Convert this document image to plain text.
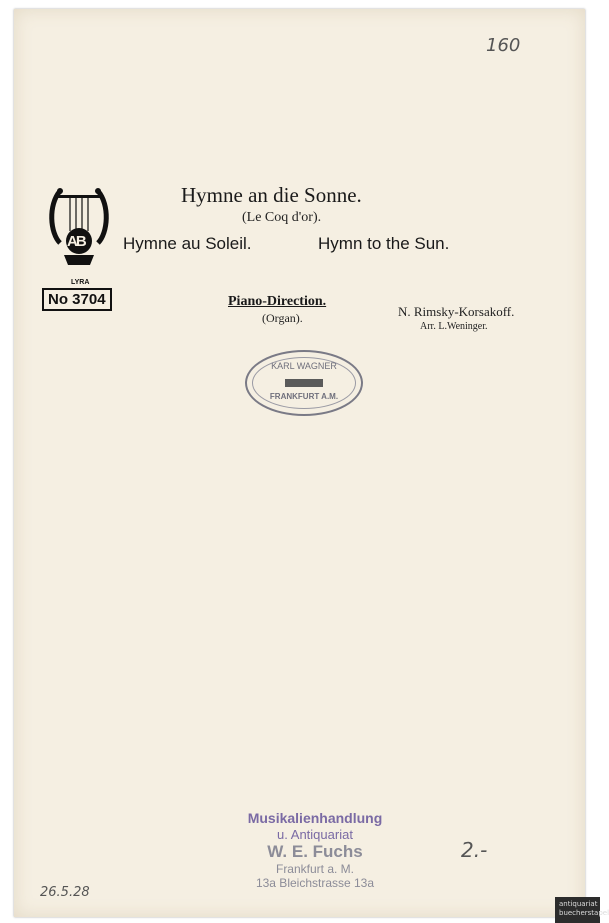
160
AB
LYRA
No 3704
Hymne an die Sonne.
(Le Coq d'or).
Hymne au Soleil.	Hymn to the Sun.
Piano-Direction.
(Organ).	N. Rimsky-Korsakoff.
Arr. L.Weninger.
KARL WAGNER
FRANKFURT A.M.
Musikalienhandlung
u. Antiquariat
W. E. Fuchs
Frankfurt a. M.
13a Bleichstrasse 13a
2.-
26.5.28
antiquariat
buecherstapel
